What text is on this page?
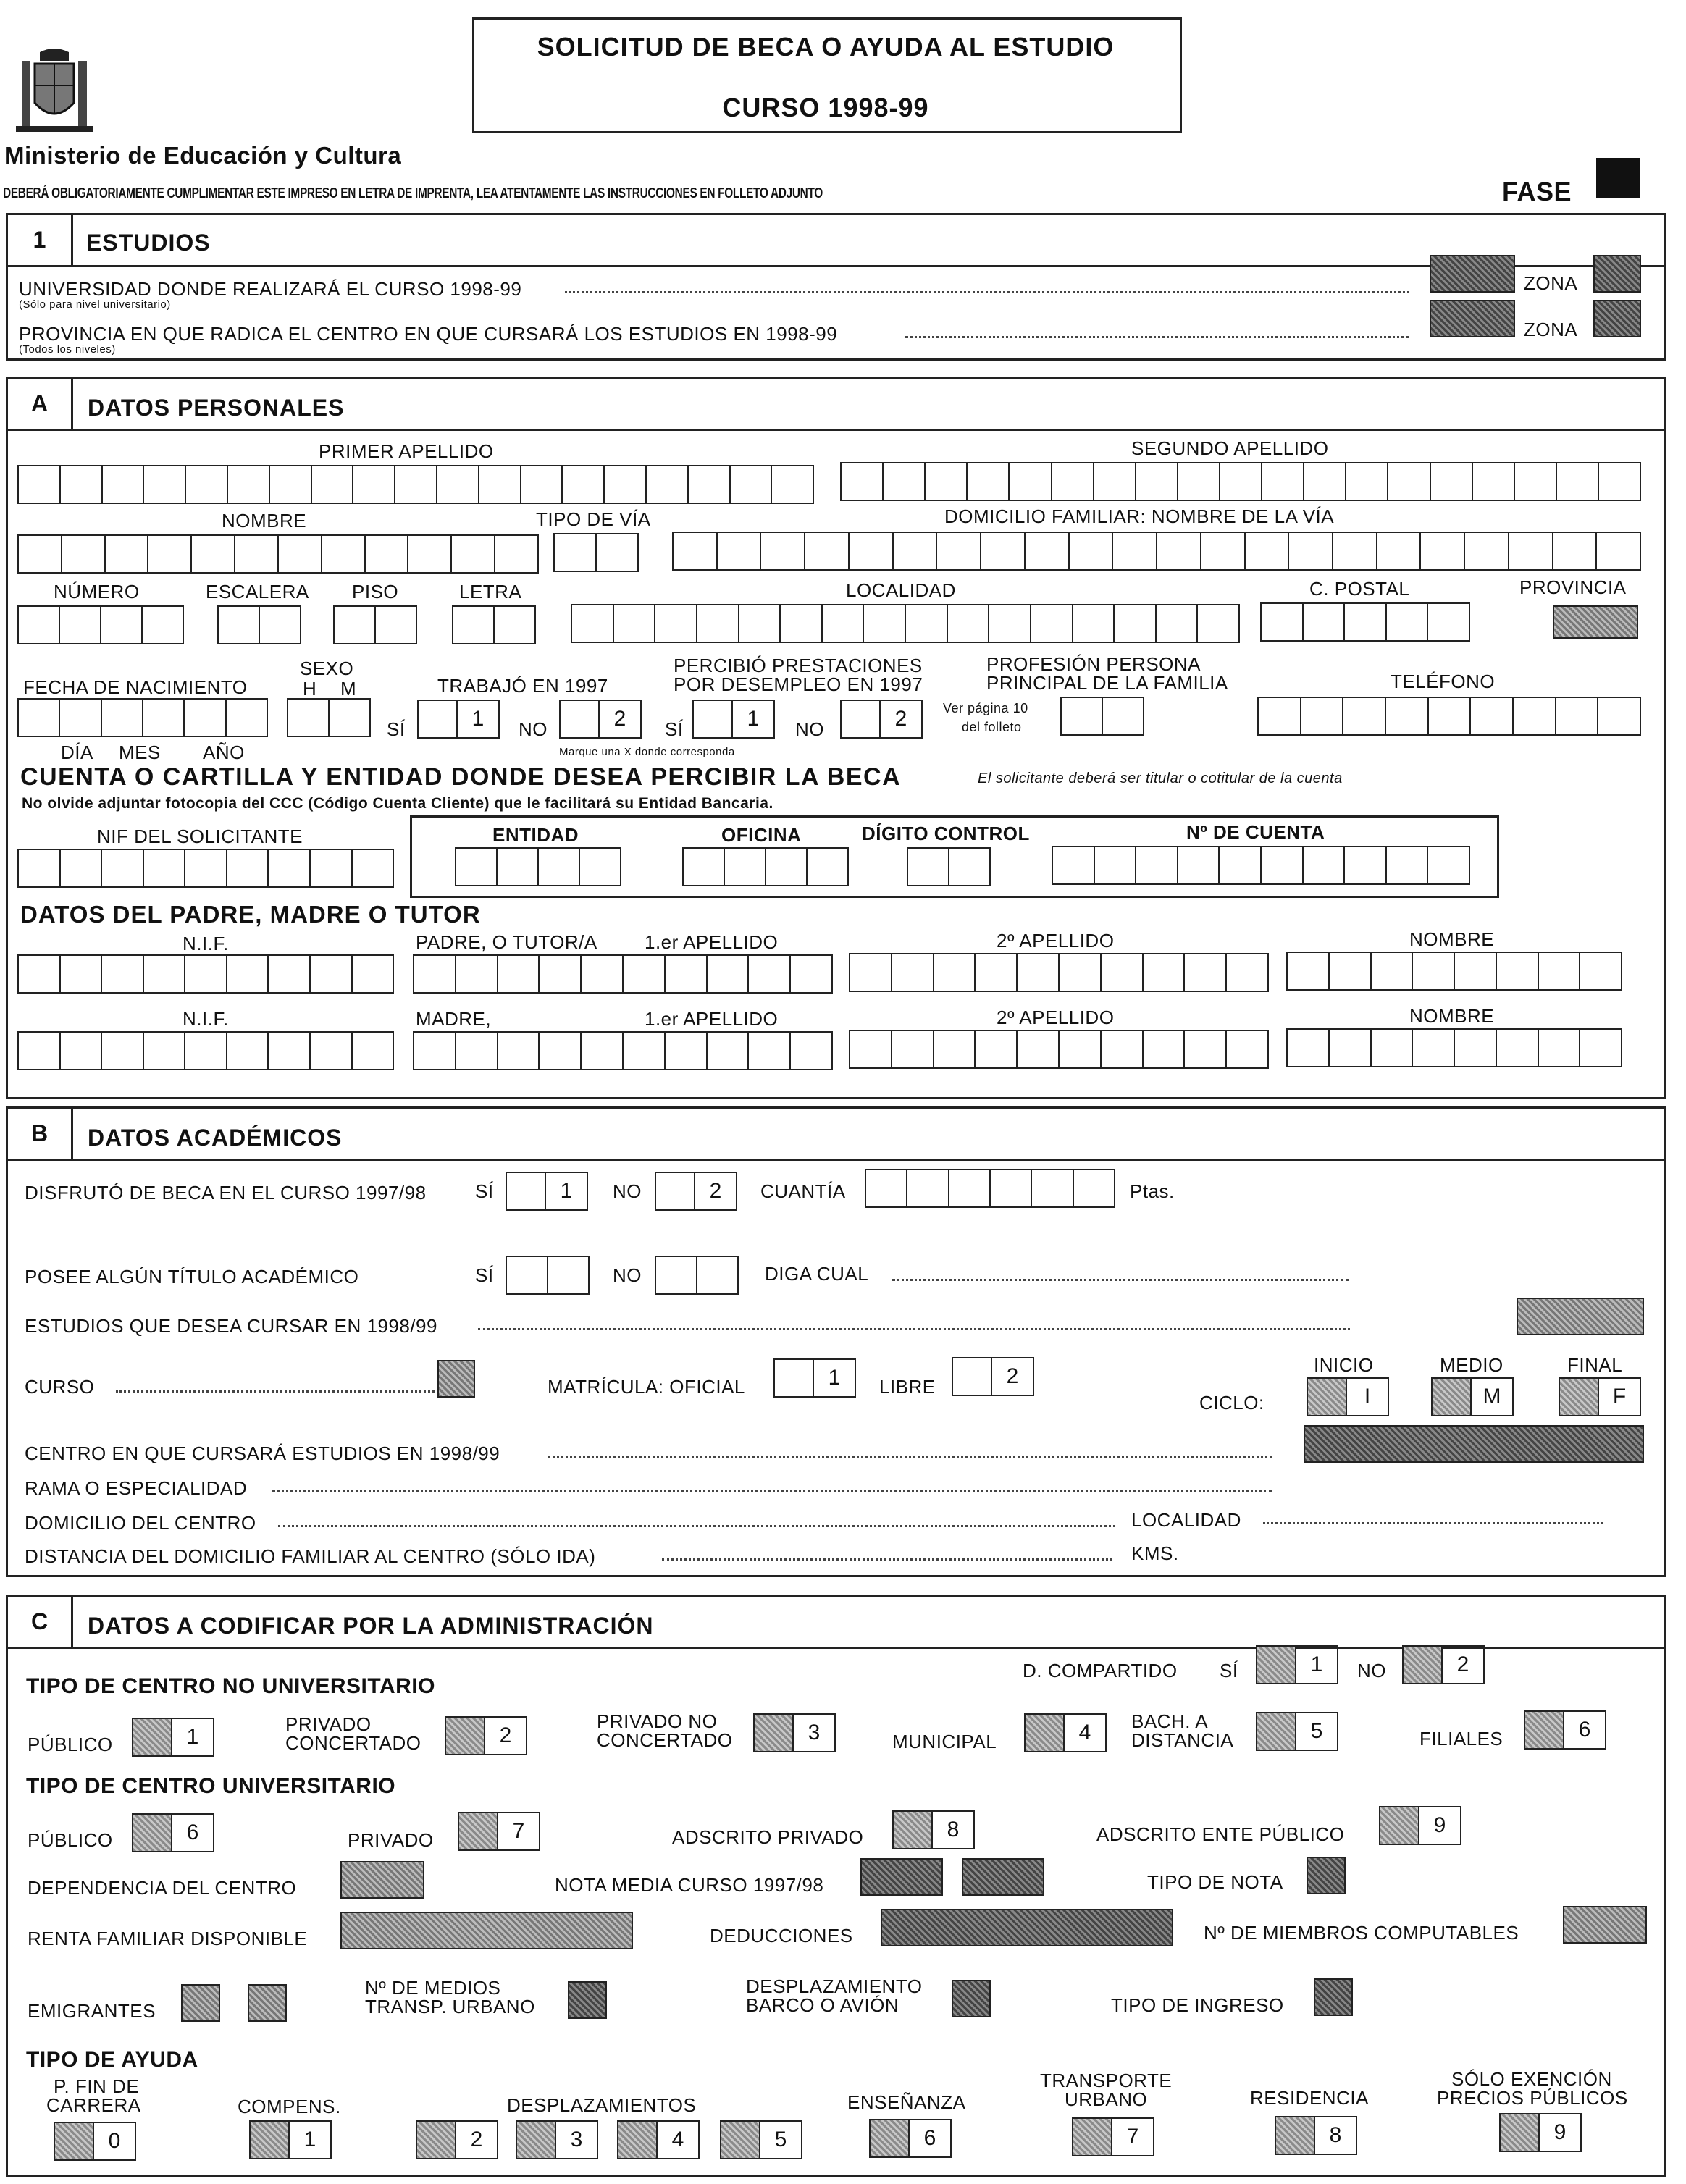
SOLICITUD DE BECA O AYUDA AL ESTUDIO
CURSO 1998-99
Ministerio de Educación y Cultura
DEBERÁ OBLIGATORIAMENTE CUMPLIMENTAR ESTE IMPRESO EN LETRA DE IMPRENTA, LEA ATENTAMENTE LAS INSTRUCCIONES EN FOLLETO ADJUNTO	FASE
1	ESTUDIOS
UNIVERSIDAD DONDE REALIZARÁ EL CURSO 1998-99
(Sólo para nivel universitario)
ZONA
PROVINCIA EN QUE RADICA EL CENTRO EN QUE CURSARÁ LOS ESTUDIOS EN 1998-99
(Todos los niveles)
ZONA
A	DATOS PERSONALES
PRIMER APELLIDO	SEGUNDO APELLIDO
NOMBRE	TIPO DE VÍA	DOMICILIO FAMILIAR: NOMBRE DE LA VÍA
NÚMERO	ESCALERA PISO	LETRA	LOCALIDAD	C. POSTAL	PROVINCIA
SEXO
H M
FECHA DE NACIMIENTO
DÍA MES AÑO
TRABAJÓ EN 1997
SÍ	1	NO	2
Marque una X donde corresponda
PERCIBIÓ PRESTACIONES
POR DESEMPLEO EN 1997
SÍ	1	NO	2
PROFESIÓN PERSONA
PRINCIPAL DE LA FAMILIA
Ver página 10
del folleto
TELÉFONO
CUENTA O CARTILLA Y ENTIDAD DONDE DESEA PERCIBIR LA BECA	El solicitante deberá ser titular o cotitular de la cuenta
No olvide adjuntar fotocopia del CCC (Código Cuenta Cliente) que le facilitará su Entidad Bancaria.
NIF DEL SOLICITANTE	ENTIDAD	OFICINA	DÍGITO CONTROL	Nº DE CUENTA
DATOS DEL PADRE, MADRE O TUTOR
N.I.F.	PADRE, O TUTOR/A	1.er APELLIDO	2º APELLIDO	NOMBRE
N.I.F.	MADRE,	1.er APELLIDO	2º APELLIDO	NOMBRE
B	DATOS ACADÉMICOS
DISFRUTÓ DE BECA EN EL CURSO 1997/98	SÍ	1	NO	2	CUANTÍA	Ptas.
POSEE ALGÚN TÍTULO ACADÉMICO	SÍ	NO	DIGA CUAL
ESTUDIOS QUE DESEA CURSAR EN 1998/99
CURSO	MATRÍCULA: OFICIAL	1	LIBRE	2	INICIO	MEDIO	FINAL
CICLO:	I	M	F
CENTRO EN QUE CURSARÁ ESTUDIOS EN 1998/99
RAMA O ESPECIALIDAD
DOMICILIO DEL CENTRO	LOCALIDAD
DISTANCIA DEL DOMICILIO FAMILIAR AL CENTRO (SÓLO IDA)	KMS.
C	DATOS A CODIFICAR POR LA ADMINISTRACIÓN
TIPO DE CENTRO NO UNIVERSITARIO
D. COMPARTIDO SÍ	1	NO	2
PÚBLICO	1
PRIVADO
CONCERTADO	2
PRIVADO NO
CONCERTADO	3	MUNICIPAL	4	BACH. A
DISTANCIA	5	FILIALES	6
TIPO DE CENTRO UNIVERSITARIO
PÚBLICO	6	PRIVADO	7	ADSCRITO PRIVADO	8	ADSCRITO ENTE PÚBLICO	9
DEPENDENCIA DEL CENTRO	NOTA MEDIA CURSO 1997/98	TIPO DE NOTA
RENTA FAMILIAR DISPONIBLE	DEDUCCIONES	Nº DE MIEMBROS COMPUTABLES
EMIGRANTES
Nº DE MEDIOS
TRANSP. URBANO
DESPLAZAMIENTO
BARCO O AVIÓN	TIPO DE INGRESO
TIPO DE AYUDA
P. FIN DE
CARRERA
0
COMPENS.
1
DESPLAZAMIENTOS
2	3	4	5
ENSEÑANZA
6
TRANSPORTE
URBANO
7
RESIDENCIA
8
SÓLO EXENCIÓN
PRECIOS PÚBLICOS
9
